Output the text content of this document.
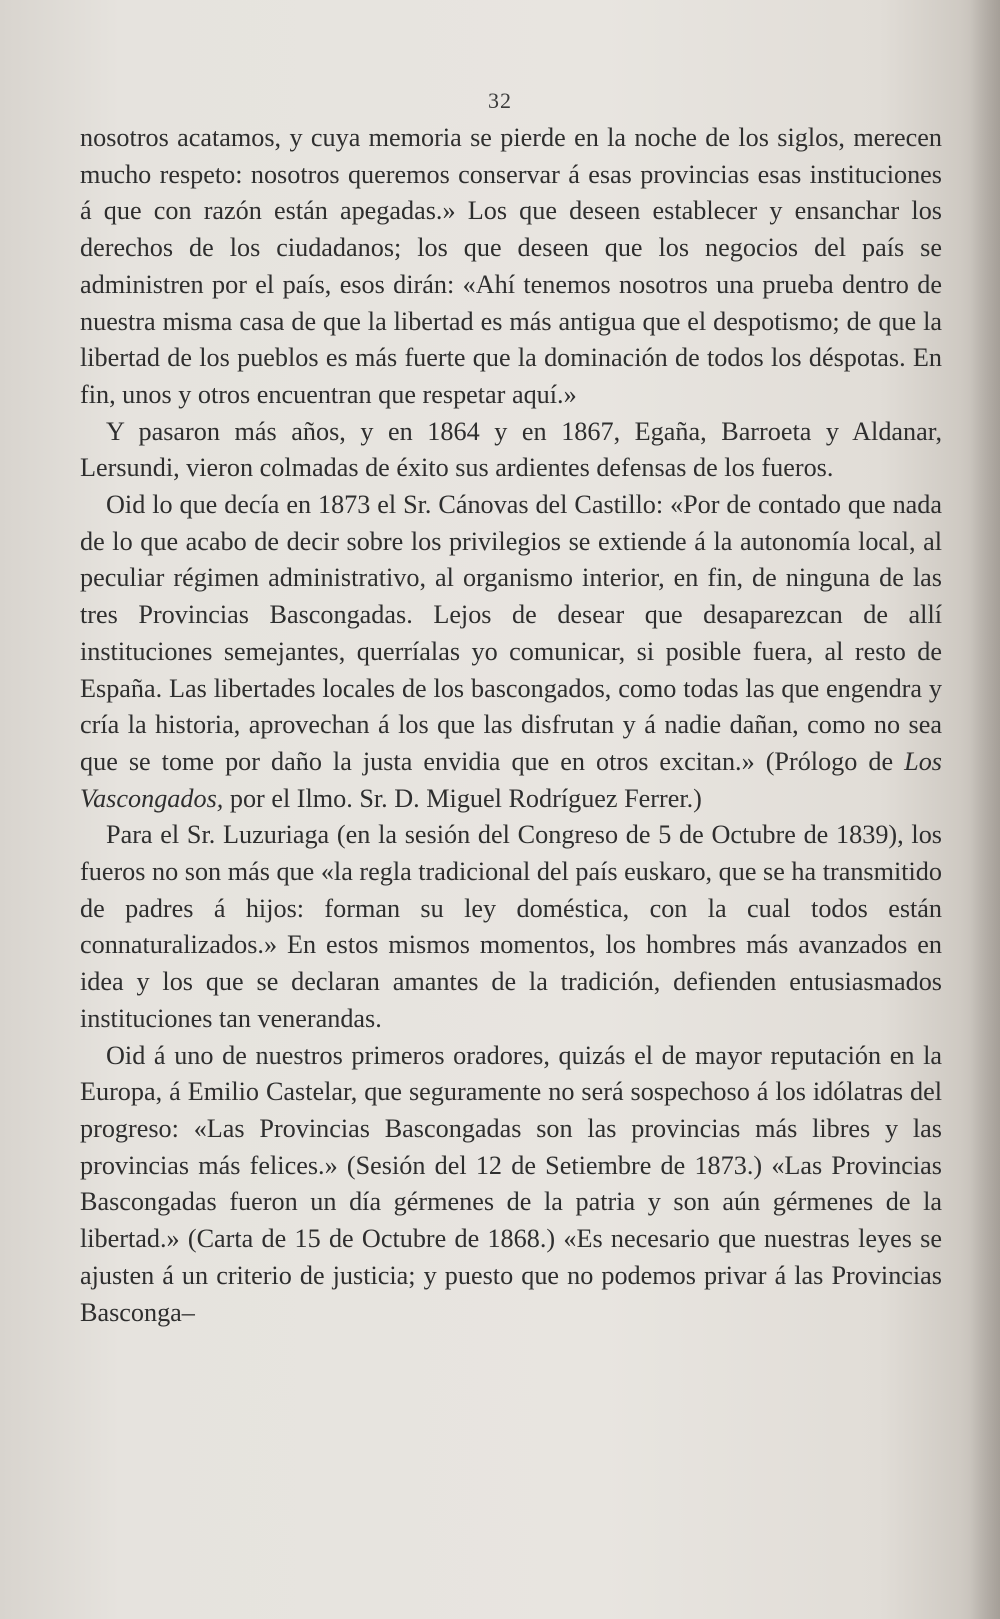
32

nosotros acatamos, y cuya memoria se pierde en la noche de los siglos, merecen mucho respeto: nosotros queremos conservar á esas provincias esas instituciones á que con razón están apegadas.» Los que deseen establecer y ensanchar los derechos de los ciudadanos; los que deseen que los negocios del país se administren por el país, esos dirán: «Ahí tenemos nosotros una prueba dentro de nuestra misma casa de que la libertad es más antigua que el despotismo; de que la libertad de los pueblos es más fuerte que la dominación de todos los déspotas. En fin, unos y otros encuentran que respetar aquí.»

Y pasaron más años, y en 1864 y en 1867, Egaña, Barroeta y Aldanar, Lersundi, vieron colmadas de éxito sus ardientes defensas de los fueros.

Oid lo que decía en 1873 el Sr. Cánovas del Castillo: «Por de contado que nada de lo que acabo de decir sobre los privilegios se extiende á la autonomía local, al peculiar régimen administrativo, al organismo interior, en fin, de ninguna de las tres Provincias Bascongadas. Lejos de desear que desaparezcan de allí instituciones semejantes, querríalas yo comunicar, si posible fuera, al resto de España. Las libertades locales de los bascongados, como todas las que engendra y cría la historia, aprovechan á los que las disfrutan y á nadie dañan, como no sea que se tome por daño la justa envidia que en otros excitan.» (Prólogo de Los Vascongados, por el Ilmo. Sr. D. Miguel Rodríguez Ferrer.)

Para el Sr. Luzuriaga (en la sesión del Congreso de 5 de Octubre de 1839), los fueros no son más que «la regla tradicional del país euskaro, que se ha transmitido de padres á hijos: forman su ley doméstica, con la cual todos están connaturalizados.» En estos mismos momentos, los hombres más avanzados en idea y los que se declaran amantes de la tradición, defienden entusiasmados instituciones tan venerandas.

Oid á uno de nuestros primeros oradores, quizás el de mayor reputación en la Europa, á Emilio Castelar, que seguramente no será sospechoso á los idólatras del progreso: «Las Provincias Bascongadas son las provincias más libres y las provincias más felices.» (Sesión del 12 de Setiembre de 1873.) «Las Provincias Bascongadas fueron un día gérmenes de la patria y son aún gérmenes de la libertad.» (Carta de 15 de Octubre de 1868.) «Es necesario que nuestras leyes se ajusten á un criterio de justicia; y puesto que no podemos privar á las Provincias Basconga–
